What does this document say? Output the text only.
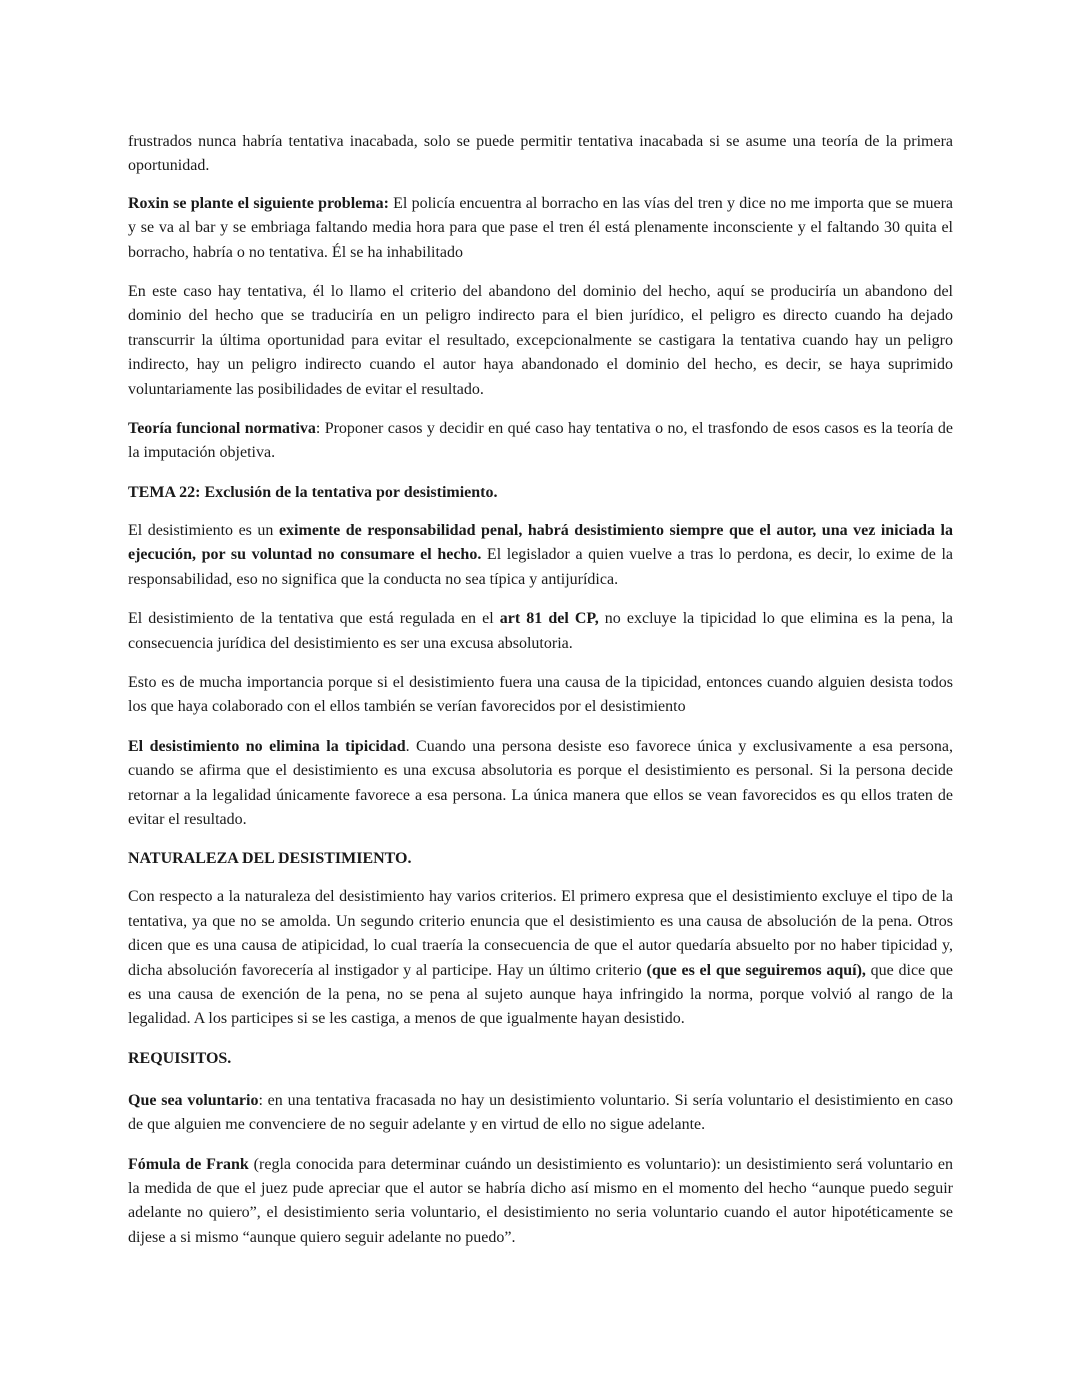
frustrados nunca habría tentativa inacabada, solo se puede permitir tentativa inacabada si se asume una teoría de la primera oportunidad.

Roxin se plante el siguiente problema: El policía encuentra al borracho en las vías del tren y dice no me importa que se muera y se va al bar y se embriaga faltando media hora para que pase el tren él está plenamente inconsciente y el faltando 30 quita el borracho, habría o no tentativa. Él se ha inhabilitado

En este caso hay tentativa, él lo llamo el criterio del abandono del dominio del hecho, aquí se produciría un abandono del dominio del hecho que se traduciría en un peligro indirecto para el bien jurídico, el peligro es directo cuando ha dejado transcurrir la última oportunidad para evitar el resultado, excepcionalmente se castigara la tentativa cuando hay un peligro indirecto, hay un peligro indirecto cuando el autor haya abandonado el dominio del hecho, es decir, se haya suprimido voluntariamente las posibilidades de evitar el resultado.

Teoría funcional normativa: Proponer casos y decidir en qué caso hay tentativa o no, el trasfondo de esos casos es la teoría de la imputación objetiva.

TEMA 22: Exclusión de la tentativa por desistimiento.

El desistimiento es un eximente de responsabilidad penal, habrá desistimiento siempre que el autor, una vez iniciada la ejecución, por su voluntad no consumare el hecho. El legislador a quien vuelve a tras lo perdona, es decir, lo exime de la responsabilidad, eso no significa que la conducta no sea típica y antijurídica.

El desistimiento de la tentativa que está regulada en el art 81 del CP, no excluye la tipicidad lo que elimina es la pena, la consecuencia jurídica del desistimiento es ser una excusa absolutoria.

Esto es de mucha importancia porque si el desistimiento fuera una causa de la tipicidad, entonces cuando alguien desista todos los que haya colaborado con el ellos también se verían favorecidos por el desistimiento

El desistimiento no elimina la tipicidad. Cuando una persona desiste eso favorece única y exclusivamente a esa persona, cuando se afirma que el desistimiento es una excusa absolutoria es porque el desistimiento es personal. Si la persona decide retornar a la legalidad únicamente favorece a esa persona. La única manera que ellos se vean favorecidos es qu ellos traten de evitar el resultado.

NATURALEZA DEL DESISTIMIENTO.

Con respecto a la naturaleza del desistimiento hay varios criterios. El primero expresa que el desistimiento excluye el tipo de la tentativa, ya que no se amolda. Un segundo criterio enuncia que el desistimiento es una causa de absolución de la pena. Otros dicen que es una causa de atipicidad, lo cual traería la consecuencia de que el autor quedaría absuelto por no haber tipicidad y, dicha absolución favorecería al instigador y al participe. Hay un último criterio (que es el que seguiremos aquí), que dice que es una causa de exención de la pena, no se pena al sujeto aunque haya infringido la norma, porque volvió al rango de la legalidad. A los participes si se les castiga, a menos de que igualmente hayan desistido.

REQUISITOS.

Que sea voluntario: en una tentativa fracasada no hay un desistimiento voluntario. Si sería voluntario el desistimiento en caso de que alguien me convenciere de no seguir adelante y en virtud de ello no sigue adelante.

Fómula de Frank (regla conocida para determinar cuándo un desistimiento es voluntario): un desistimiento será voluntario en la medida de que el juez pude apreciar que el autor se habría dicho así mismo en el momento del hecho “aunque puedo seguir adelante no quiero”, el desistimiento seria voluntario, el desistimiento no seria voluntario cuando el autor hipotéticamente se dijese a si mismo “aunque quiero seguir adelante no puedo”.
